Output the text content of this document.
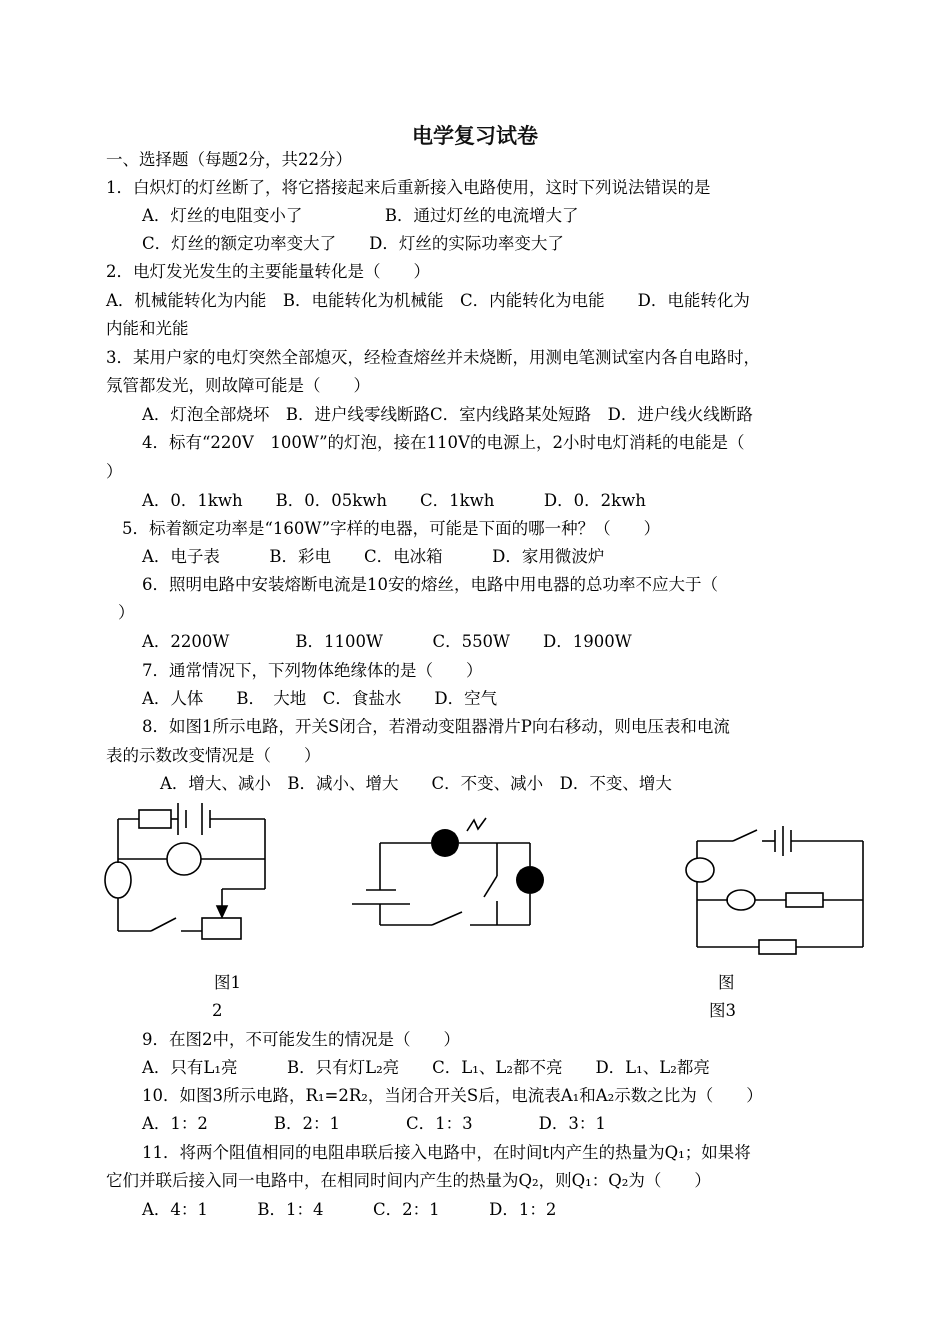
电学复习试卷
一、选择题（每题2分，共22分）
1．白炽灯的灯丝断了，将它搭接起来后重新接入电路使用，这时下列说法错误的是
A．灯丝的电阻变小了　　　　　B．通过灯丝的电流增大了
C．灯丝的额定功率变大了　　D．灯丝的实际功率变大了
2．电灯发光发生的主要能量转化是（　　）
A．机械能转化为内能　B．电能转化为机械能　C．内能转化为电能　　D．电能转化为
内能和光能
3．某用户家的电灯突然全部熄灭，经检查熔丝并未烧断，用测电笔测试室内各自电路时，
氖管都发光，则故障可能是（　　）
A．灯泡全部烧坏　B．进户线零线断路C．室内线路某处短路　D．进户线火线断路
4．标有“220V　100W”的灯泡，接在110V的电源上，2小时电灯消耗的电能是（
）
A．0．1kwh　　B．0．05kwh　　C．1kwh　　　D．0．2kwh
5．标着额定功率是“160W”字样的电器，可能是下面的哪一种？（　　）
A．电子表　　　B．彩电　　C．电冰箱　　　D．家用微波炉
6．照明电路中安装熔断电流是10安的熔丝，电路中用电器的总功率不应大于（
）
A．2200W　　　　B．1100W　　　C．550W　　D．1900W
7．通常情况下，下列物体绝缘体的是（　　）
A．人体　　B．　大地　C．食盐水　　D．空气
8．如图1所示电路，开关S闭合，若滑动变阻器滑片P向右移动，则电压表和电流
表的示数改变情况是（　　）
A．增大、减小　B．减小、增大　　C．不变、减小　D．不变、增大
图1
2
图
图3
9．在图2中，不可能发生的情况是（　　）
A．只有L₁亮　　　B．只有灯L₂亮　　C．L₁、L₂都不亮　　D．L₁、L₂都亮
10．如图3所示电路，R₁=2R₂，当闭合开关S后，电流表A₁和A₂示数之比为（　　）
A．1：2　　　　B．2：1　　　　C．1：3　　　　D．3：1
11．将两个阻值相同的电阻串联后接入电路中，在时间t内产生的热量为Q₁；如果将
它们并联后接入同一电路中，在相同时间内产生的热量为Q₂，则Q₁：Q₂为（　　）
A．4：1　　　B．1：4　　　C．2：1　　　D．1：2
